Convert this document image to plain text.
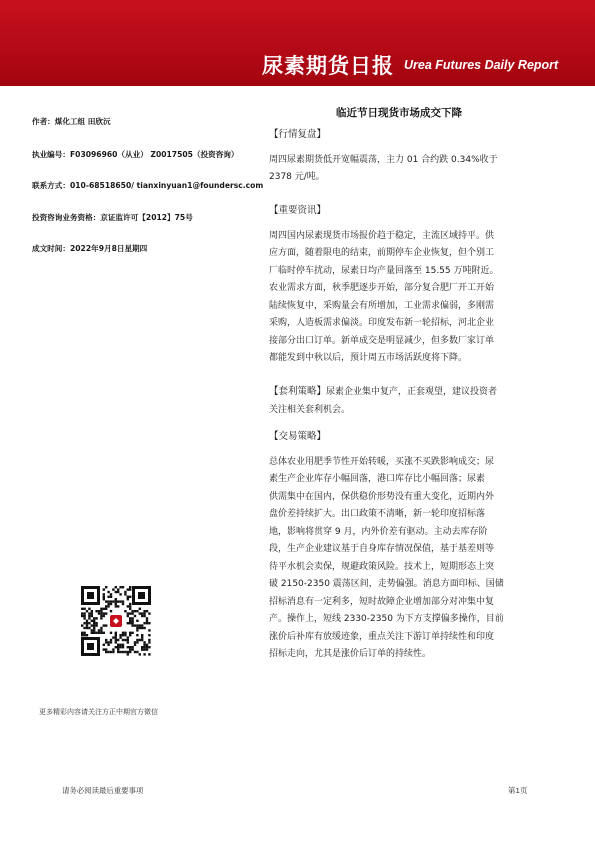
尿素期货日报 Urea Futures Daily Report
作者：煤化工组 田欣沅
执业编号：F03096960（从业） Z0017505（投资咨询）
联系方式：010-68518650/ tianxinyuan1@foundersc.com
投资咨询业务资格：京证监许可【2012】75号
成文时间：2022年9月8日星期四
临近节日现货市场成交下降
【行情复盘】
周四尿素期货低开宽幅震荡，主力 01 合约跌 0.34%收于
2378 元/吨。
【重要资讯】
周四国内尿素现货市场报价趋于稳定，主流区域持平。供
应方面，随着限电的结束，前期停车企业恢复，但个别工
厂临时停车扰动，尿素日均产量回落至 15.55 万吨附近。
农业需求方面，秋季肥逐步开始，部分复合肥厂开工开始
陆续恢复中，采购量会有所增加，工业需求偏弱，多刚需
采购，人造板需求偏淡。印度发布新一轮招标，河北企业
接部分出口订单。新单成交是明显减少，但多数厂家订单
都能发到中秋以后，预计周五市场活跃度将下降。
【套利策略】尿素企业集中复产，正套观望，建议投资者
关注相关套利机会。
【交易策略】
总体农业用肥季节性开始转暖，买涨不买跌影响成交；尿
素生产企业库存小幅回落，港口库存比小幅回落；尿素
供需集中在国内，保供稳价形势没有重大变化，近期内外
盘价差持续扩大。出口政策不清晰，新一轮印度招标落
地，影响将贯穿 9 月，内外价差有驱动。主动去库存阶
段，生产企业建议基于自身库存情况保值，基于基差则等
待平水机会卖保，规避政策风险。技术上，短期形态上突
破 2150-2350 震荡区间，走势偏强。消息方面印标、国储
招标消息有一定利多，短时故障企业增加部分对冲集中复
产。操作上，短线 2330-2350 为下方支撑偏多操作，目前
涨价后补库有放缓迹象，重点关注下游订单持续性和印度
招标走向，尤其是涨价后订单的持续性。
更多精彩内容请关注方正中期官方微信
请务必阅读最后重要事项	第1页
